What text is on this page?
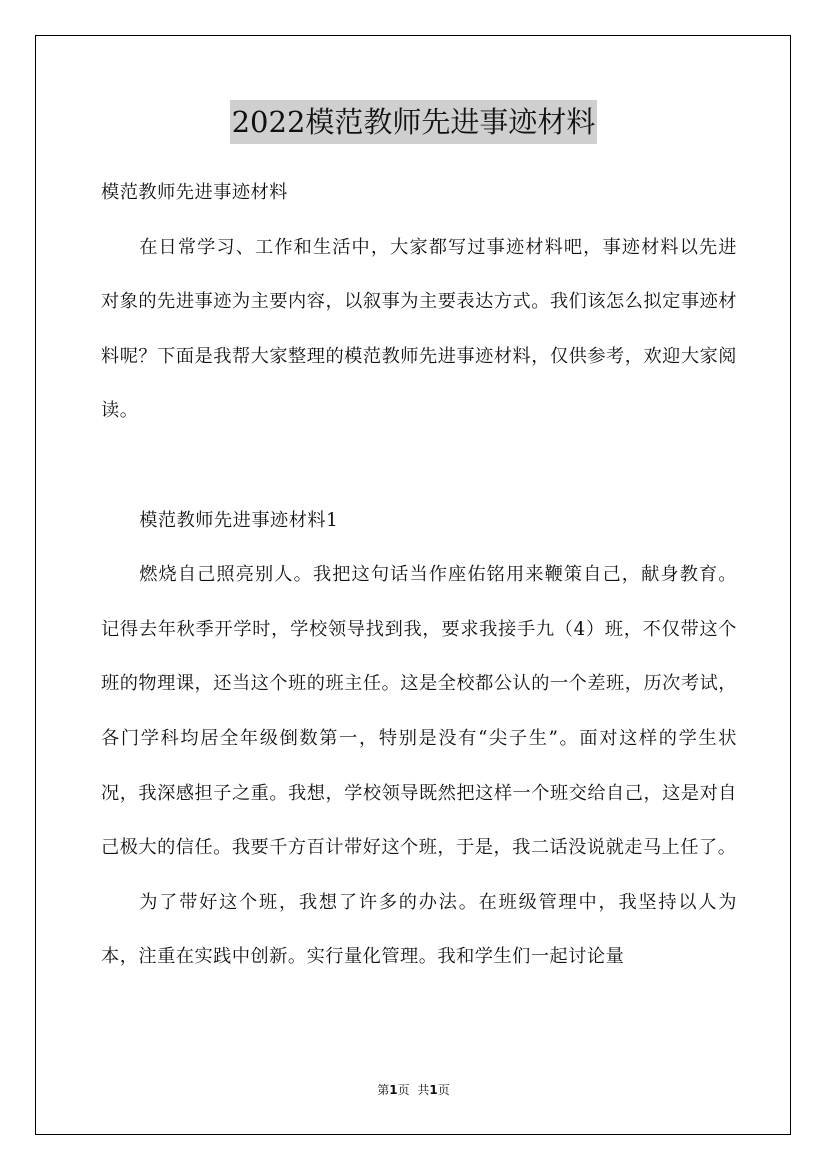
2022模范教师先进事迹材料

模范教师先进事迹材料

在日常学习、工作和生活中，大家都写过事迹材料吧，事迹材料以先进对象的先进事迹为主要内容，以叙事为主要表达方式。我们该怎么拟定事迹材料呢？下面是我帮大家整理的模范教师先进事迹材料，仅供参考，欢迎大家阅读。

模范教师先进事迹材料1

燃烧自己照亮别人。我把这句话当作座佑铭用来鞭策自己，献身教育。记得去年秋季开学时，学校领导找到我，要求我接手九（4）班，不仅带这个班的物理课，还当这个班的班主任。这是全校都公认的一个差班，历次考试，各门学科均居全年级倒数第一，特别是没有“尖子生”。面对这样的学生状况，我深感担子之重。我想，学校领导既然把这样一个班交给自己，这是对自己极大的信任。我要千方百计带好这个班，于是，我二话没说就走马上任了。

为了带好这个班，我想了许多的办法。在班级管理中，我坚持以人为本，注重在实践中创新。实行量化管理。我和学生们一起讨论量

第1页 共1页
